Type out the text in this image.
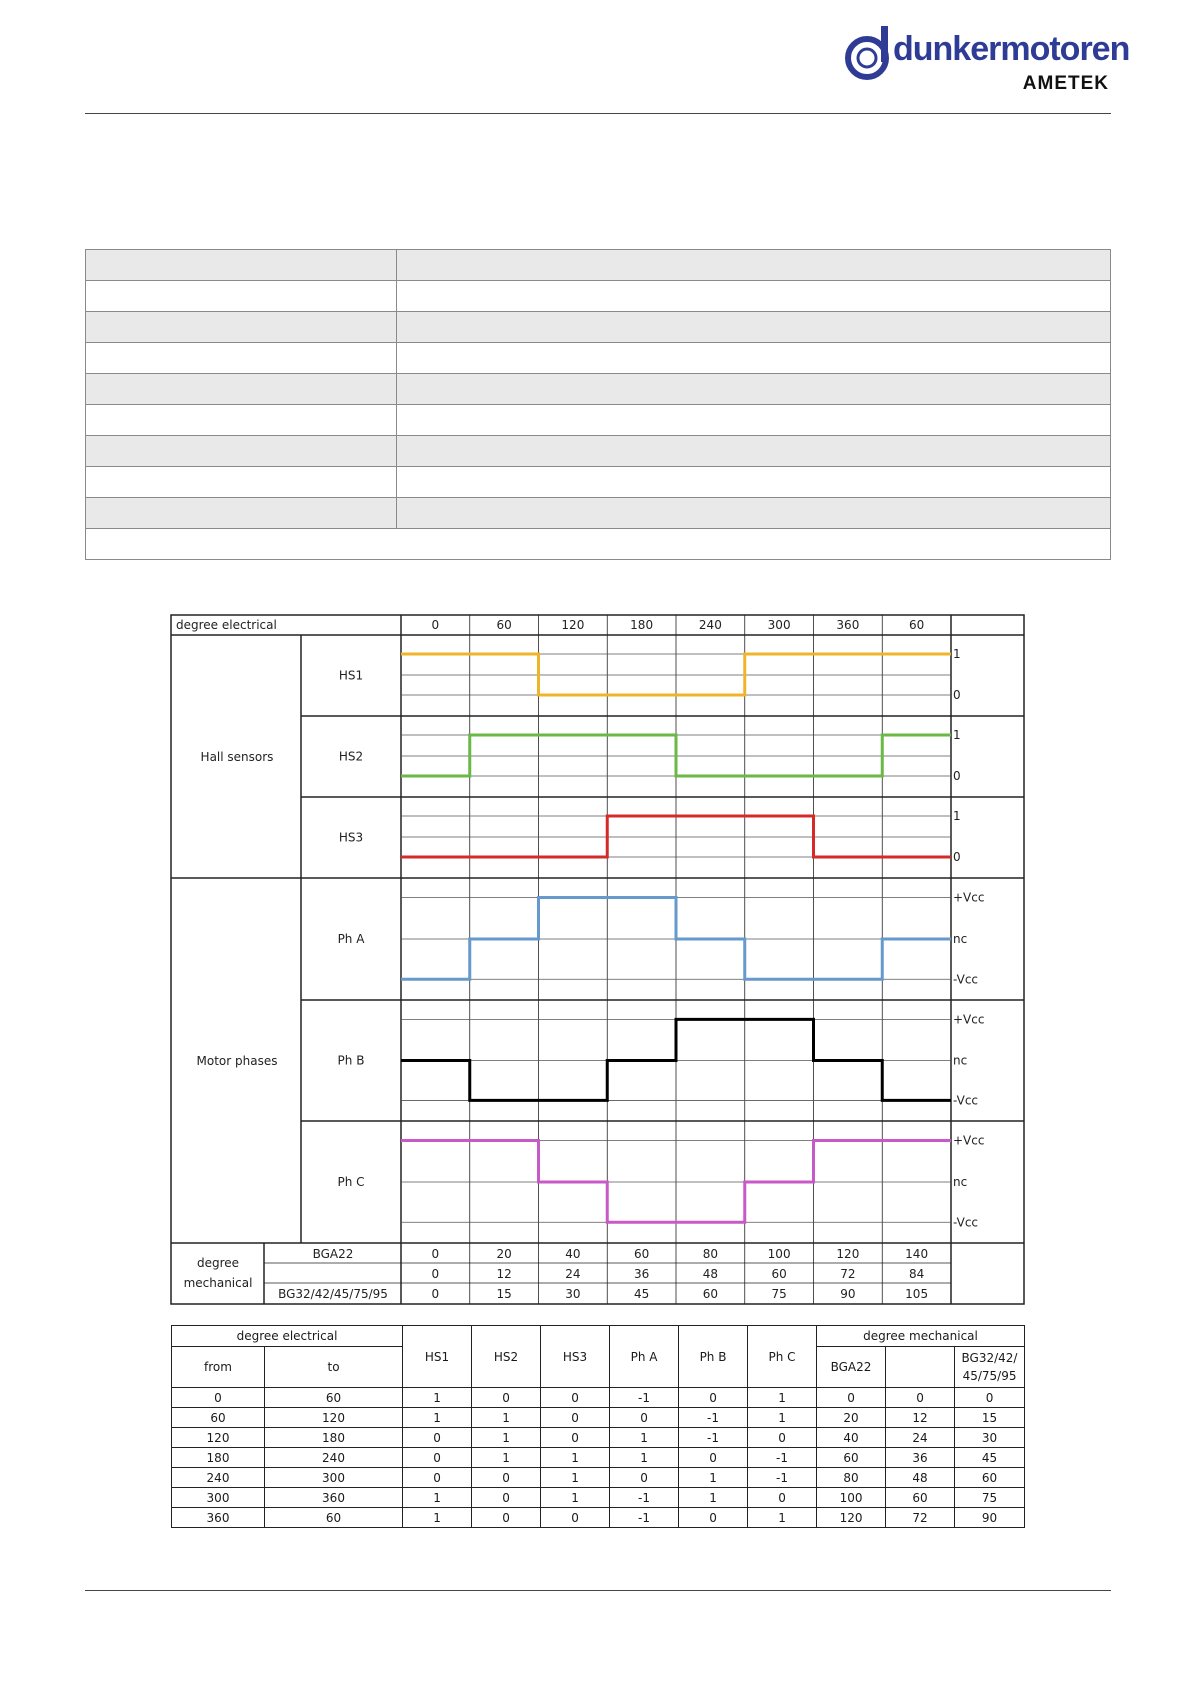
dunkermotoren
AMETEK

degree electrical	0	60	120	180	240	300	360	60
Hall sensors
Motor phases
HS1
1
0
HS2
1
0
HS3
1
0
Ph A
+Vcc
nc
-Vcc
Ph B
+Vcc
nc
-Vcc
Ph C
+Vcc
nc
-Vcc
degree
mechanical
BGA22	0	20	40	60	80	100	120	140
0	12	24	36	48	60	72	84
BG32/42/45/75/95	0	15	30	45	60	75	90	105
degree electrical		HS1	HS2	HS3	Ph A	Ph B	Ph C	degree mechanical		
from	to							BGA22		BG32/42/ 45/75/95
0	60	1	0	0	-1	0	1	0	0	0
60	120	1	1	0	0	-1	1	20	12	15
120	180	0	1	0	1	-1	0	40	24	30
180	240	0	1	1	1	0	-1	60	36	45
240	300	0	0	1	0	1	-1	80	48	60
300	360	1	0	1	-1	1	0	100	60	75
360	60	1	0	0	-1	0	1	120	72	90
